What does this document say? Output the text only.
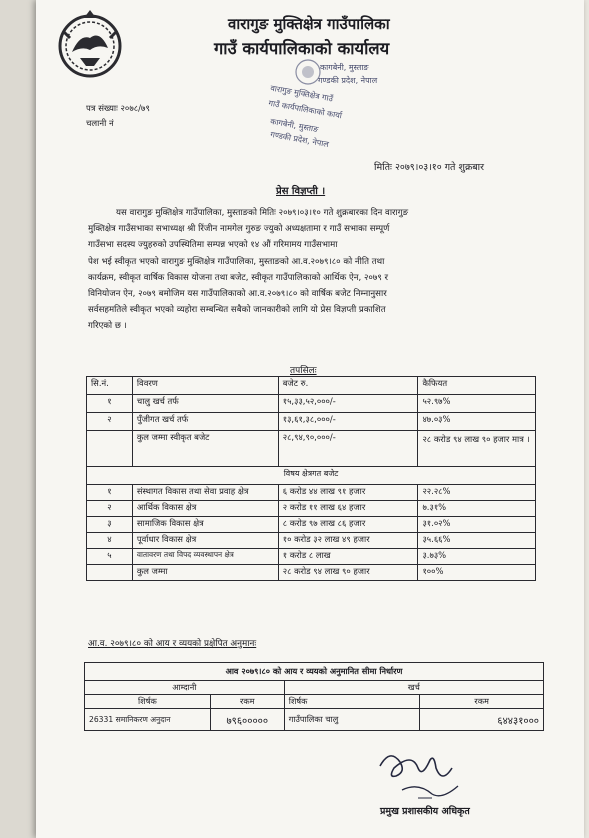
वारागुङ मुक्तिक्षेत्र गाउँपालिका
गाउँ कार्यपालिकाको कार्यालय
कागबेनी, मुस्ताङ
गण्डकी प्रदेश, नेपाल
वारागुङ मुक्तिक्षेत्र गाउँ
गाउँ कार्यपालिकाको कार्या
कागबेनी, मुस्ताङ
गण्डकी प्रदेश, नेपाल
पत्र संख्याः २०७८/७९
चलानी नं
मितिः २०७९।०३।१० गते शुक्रबार
प्रेस विज्ञप्ती ।
यस वारागुङ मुक्तिक्षेत्र गाउँपालिका, मुस्ताङको मितिः २०७९।०३।१० गते शुक्रबारका दिन वारागुङ
मुक्तिक्षेत्र गाउँसभाका सभाध्यक्ष श्री रिंजीन नामगेल गुरुङ ज्युको अध्यक्षतामा र गाउँ सभाका सम्पूर्ण
गाउँसभा सदस्य ज्युहरुको उपस्थितिमा सम्पन्न भएको १४ औं गरिमामय गाउँसभामा
पेश भई स्वीकृत भएको वारागुङ मुक्तिक्षेत्र गाउँपालिका, मुस्ताङको आ.व.२०७९।८० को नीति तथा
कार्यक्रम, स्वीकृत वार्षिक विकास योजना तथा बजेट, स्वीकृत गाउँपालिकाको आर्थिक ऐन, २०७९ र
विनियोजन ऐन, २०७९ बमोजिम यस गाउँपालिकाको आ.व.२०७९।८० को वार्षिक बजेट निम्नानुसार
सर्वसहमतिले स्वीकृत भएको व्यहोरा सम्बन्धित सबैको जानकारीको लागि यो प्रेस विज्ञप्ती प्रकाशित
गरिएको छ ।
तपसिलः
सि.नं.	विवरण	बजेट रु.	कैफियत
१	चालु खर्च तर्फ	१५,३३,५२,०००/-	५२.९७%
२	पुँजीगत खर्च तर्फ	१३,६१,३८,०००/-	४७.०३%
	कुल जम्मा स्वीकृत बजेट	२८,९४,९०,०००/-	२८ करोड ९४ लाख ९० हजार मात्र ।
विषय क्षेत्रगत बजेट			
१	संस्थागत विकास तथा सेवा प्रवाह क्षेत्र	६ करोड ४४ लाख ९१ हजार	२२.२८%
२	आर्थिक विकास क्षेत्र	२ करोड ११ लाख ६४ हजार	७.३१%
३	सामाजिक विकास क्षेत्र	८ करोड ९७ लाख ८६ हजार	३१.०२%
४	पूर्वाधार विकास क्षेत्र	१० करोड ३२ लाख ४९ हजार	३५.६६%
५	वातावरण तथा विपद व्यवस्थापन क्षेत्र	१ करोड ८ लाख	३.७३%
	कुल जम्मा	२८ करोड ९४ लाख ९० हजार	१००%
आ.व. २०७९।८० को आय र व्ययको प्रक्षेपित अनुमानः
आव २०७९।८० को आय र व्ययको अनुमानित सीमा निर्धारण			
आम्दानी		खर्च	
शिर्षक	रकम	शिर्षक	रकम
26331 समानिकरण अनुदान	७९६०००००	गाउँपालिका चालु	६४४३१०००
प्रमुख प्रशासकीय अधिकृत
